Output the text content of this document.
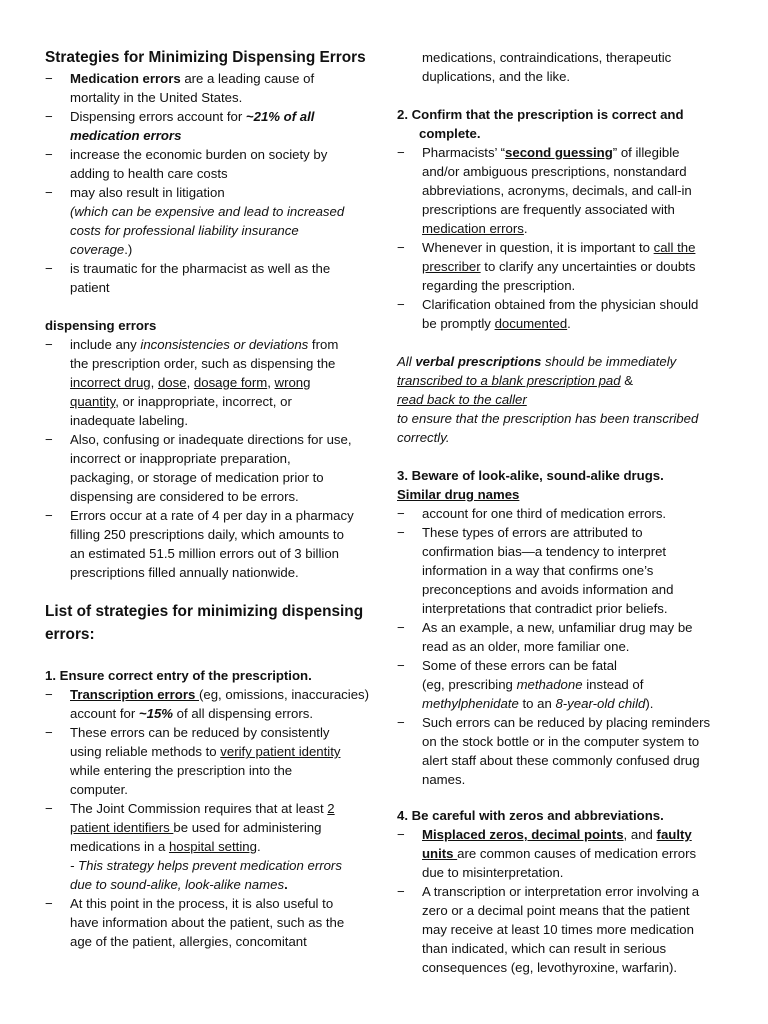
Strategies for Minimizing Dispensing Errors
− Medication errors are a leading cause of
mortality in the United States.
− Dispensing errors account for ~21% of all
medication errors
− increase the economic burden on society by
adding to health care costs
− may also result in litigation
(which can be expensive and lead to increased
costs for professional liability insurance
coverage.)
− is traumatic for the pharmacist as well as the
patient
dispensing errors
− include any inconsistencies or deviations from
the prescription order, such as dispensing the
incorrect drug, dose, dosage form, wrong
quantity, or inappropriate, incorrect, or
inadequate labeling.
− Also, confusing or inadequate directions for use,
incorrect or inappropriate preparation,
packaging, or storage of medication prior to
dispensing are considered to be errors.
− Errors occur at a rate of 4 per day in a pharmacy
filling 250 prescriptions daily, which amounts to
an estimated 51.5 million errors out of 3 billion
prescriptions filled annually nationwide.
List of strategies for minimizing dispensing
errors:
1. Ensure correct entry of the prescription.
− Transcription errors (eg, omissions, inaccuracies)
account for ~15% of all dispensing errors.
− These errors can be reduced by consistently
using reliable methods to verify patient identity
while entering the prescription into the
computer.
− The Joint Commission requires that at least 2
patient identifiers be used for administering
medications in a hospital setting.
- This strategy helps prevent medication errors
due to sound-alike, look-alike names.
− At this point in the process, it is also useful to
have information about the patient, such as the
age of the patient, allergies, concomitant
medications, contraindications, therapeutic
duplications, and the like.
2. Confirm that the prescription is correct and
complete.
− Pharmacists’ “second guessing” of illegible
and/or ambiguous prescriptions, nonstandard
abbreviations, acronyms, decimals, and call-in
prescriptions are frequently associated with
medication errors.
− Whenever in question, it is important to call the
prescriber to clarify any uncertainties or doubts
regarding the prescription.
− Clarification obtained from the physician should
be promptly documented.
All verbal prescriptions should be immediately
transcribed to a blank prescription pad &
read back to the caller
to ensure that the prescription has been transcribed
correctly.
3. Beware of look-alike, sound-alike drugs.
Similar drug names
− account for one third of medication errors.
− These types of errors are attributed to
confirmation bias—a tendency to interpret
information in a way that confirms one’s
preconceptions and avoids information and
interpretations that contradict prior beliefs.
− As an example, a new, unfamiliar drug may be
read as an older, more familiar one.
− Some of these errors can be fatal
(eg, prescribing methadone instead of
methylphenidate to an 8-year-old child).
− Such errors can be reduced by placing reminders
on the stock bottle or in the computer system to
alert staff about these commonly confused drug
names.
4. Be careful with zeros and abbreviations.
− Misplaced zeros, decimal points, and faulty
units are common causes of medication errors
due to misinterpretation.
− A transcription or interpretation error involving a
zero or a decimal point means that the patient
may receive at least 10 times more medication
than indicated, which can result in serious
consequences (eg, levothyroxine, warfarin).
